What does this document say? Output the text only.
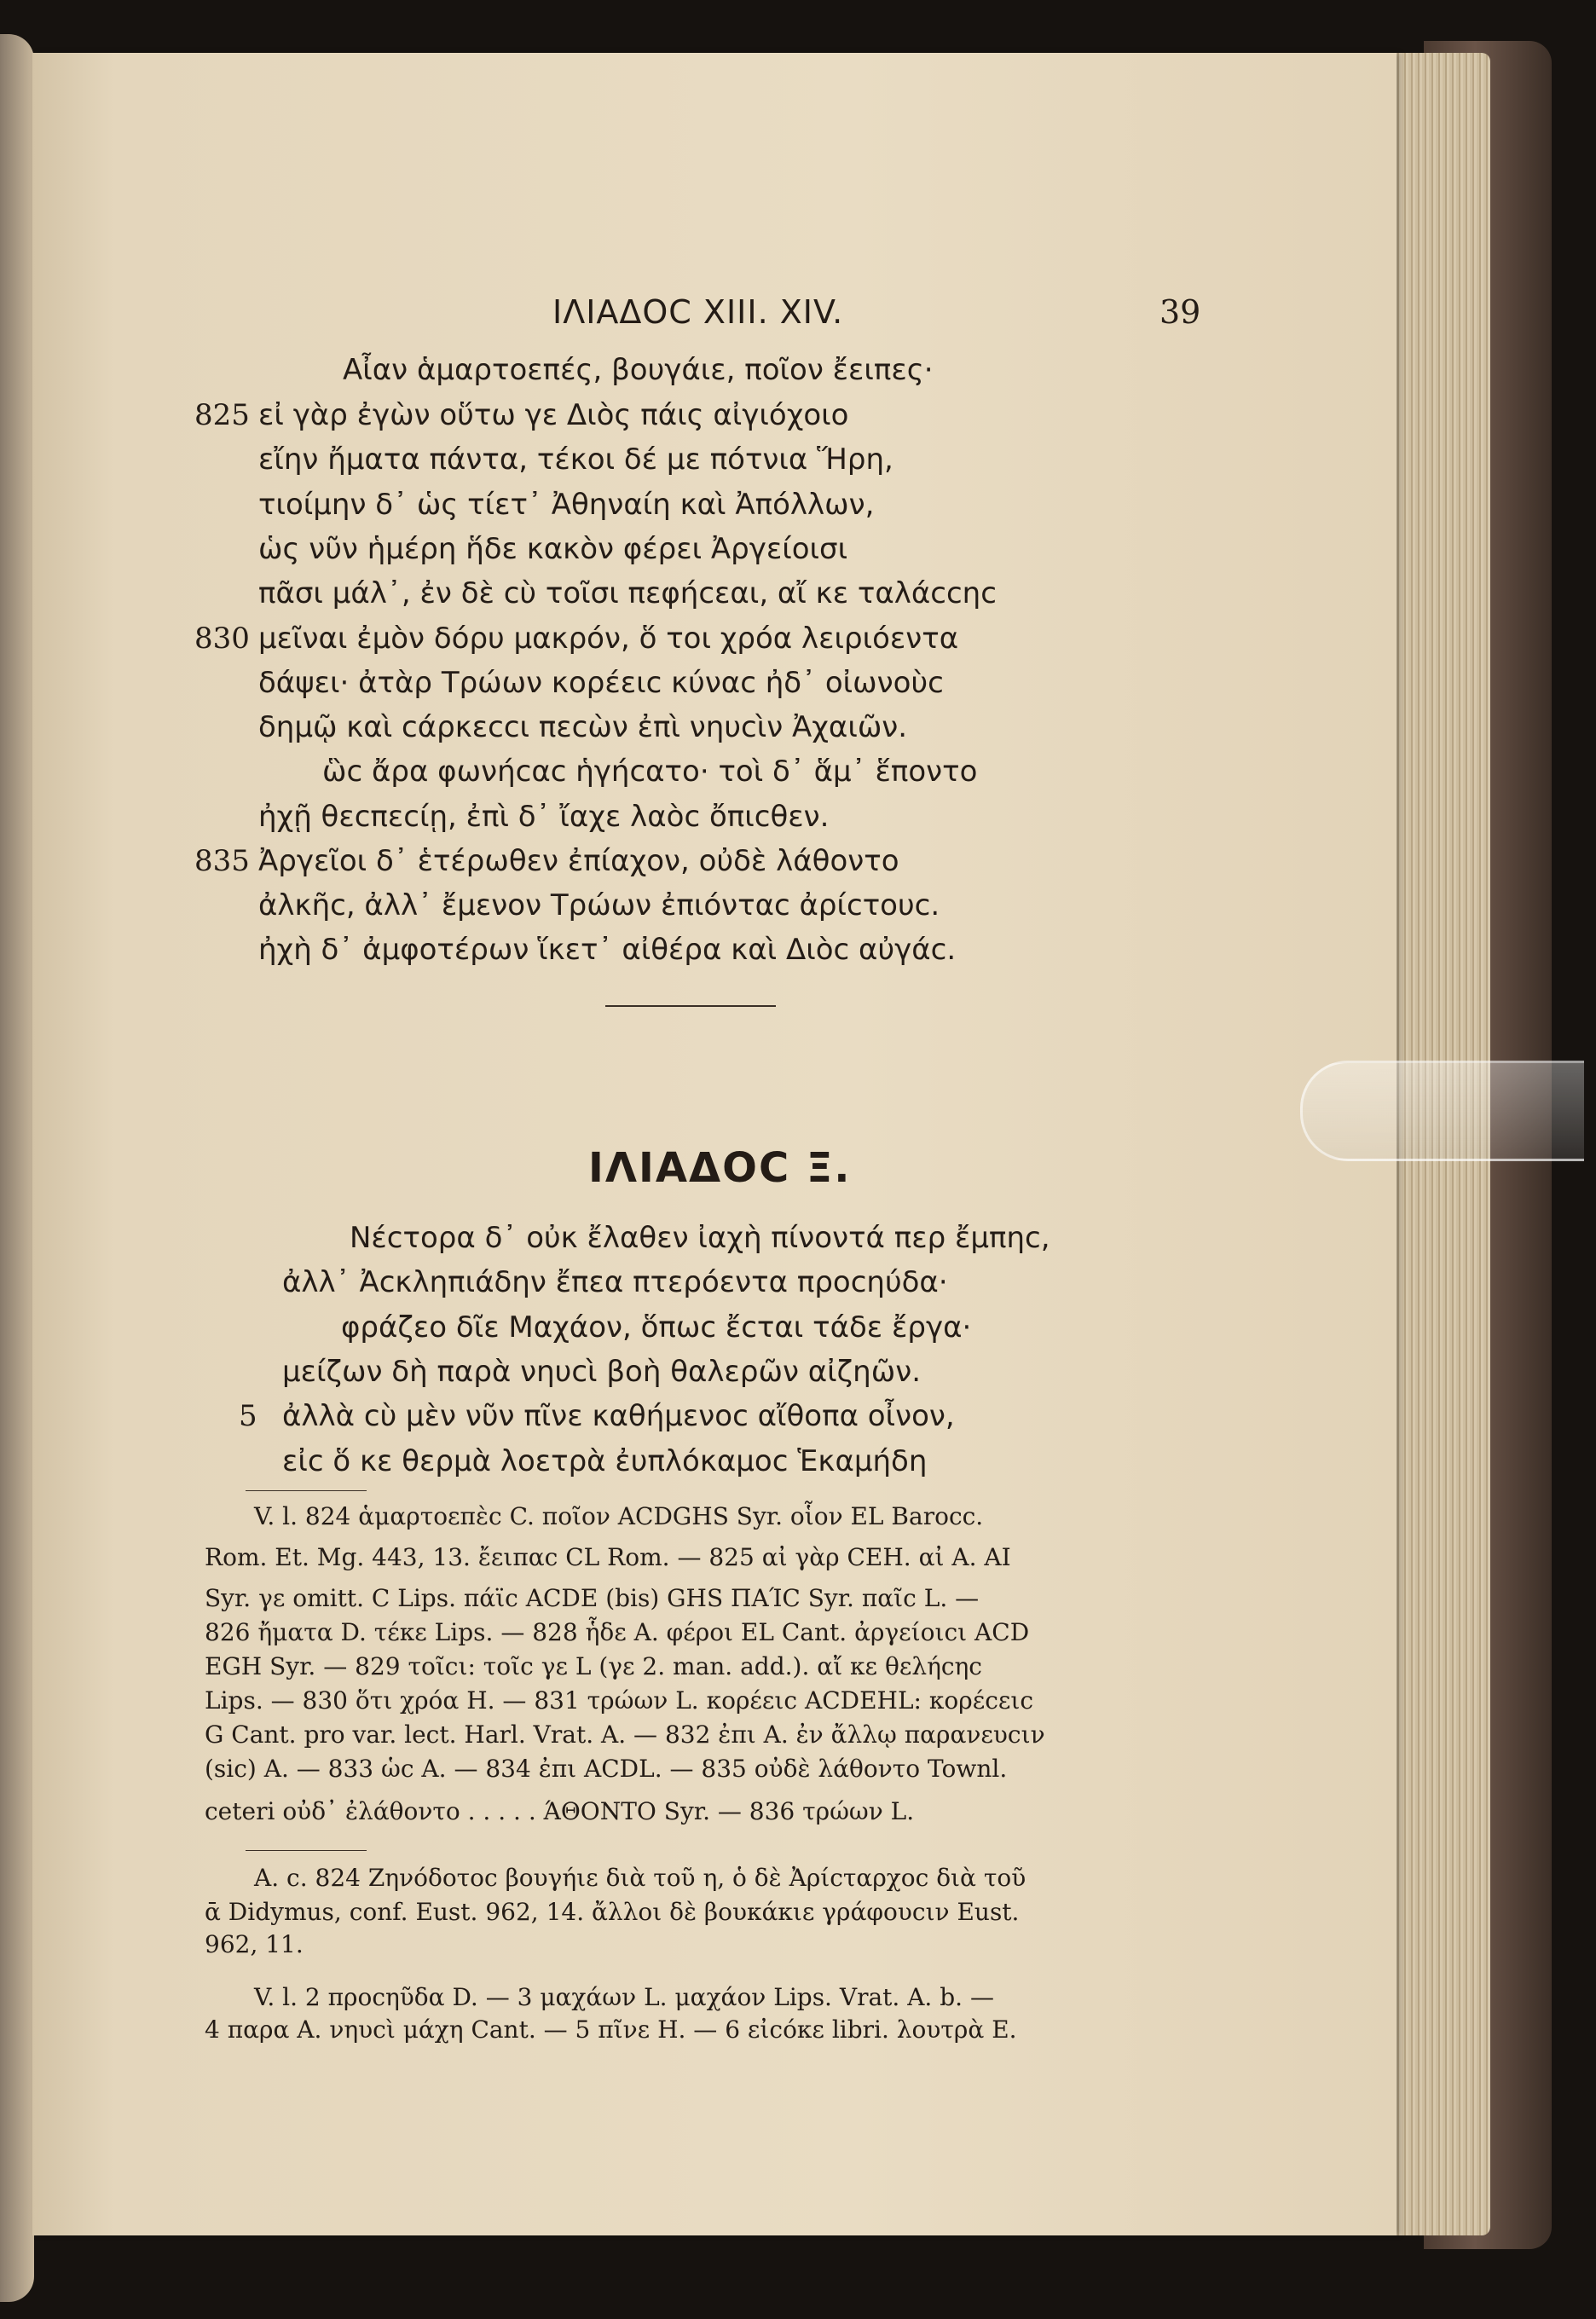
ΙΛΙΑΔΟC XIII. XIV.	39
Αἶαν ἁμαρτοεπές, βουγάιε, ποῖον ἔειπες·
825 εἰ γὰρ ἐγὼν οὕτω γε Διὸς πάις αἰγιόχοιο
εἴην ἤματα πάντα, τέκοι δέ με πότνια Ἥρη,
τιοίμην δ᾽ ὡς τίετ᾽ Ἀθηναίη καὶ Ἀπόλλων,
ὡς νῦν ἡμέρη ἥδε κακὸν φέρει Ἀργείοισι
πᾶσι μάλ᾽, ἐν δὲ cὺ τοῖσι πεφήcεαι, αἴ κε ταλάccηc
830 μεῖναι ἐμὸν δόρυ μακρόν, ὅ τοι χρόα λειριόεντα
δάψει· ἀτὰρ Τρώων κορέειc κύναc ἠδ᾽ οἰωνοὺc
δημῷ καὶ cάρκεccι πεcὼν ἐπὶ νηυcὶν Ἀχαιῶν.
ὣc ἄρα φωνήcαc ἡγήcατο· τοὶ δ᾽ ἅμ᾽ ἕποντο
ἠχῇ θεcπεcίῃ, ἐπὶ δ᾽ ἴαχε λαὸc ὄπιcθεν.
835 Ἀργεῖοι δ᾽ ἑτέρωθεν ἐπίαχον, οὐδὲ λάθοντο
ἀλκῆc, ἀλλ᾽ ἔμενον Τρώων ἐπιόνταc ἀρίcτουc.
ἠχὴ δ᾽ ἀμφοτέρων ἵκετ᾽ αἰθέρα καὶ Διὸc αὐγάc.
ΙΛΙΑΔΟC Ξ.
Νέcτορα δ᾽ οὐκ ἔλαθεν ἰαχὴ πίνοντά περ ἔμπηc,
ἀλλ᾽ Ἀcκληπιάδην ἔπεα πτερόεντα προcηύδα·
φράζεο δῖε Μαχάον, ὅπωc ἔcται τάδε ἔργα·
μείζων δὴ παρὰ νηυcὶ βοὴ θαλερῶν αἰζηῶν.
5 ἀλλὰ cὺ μὲν νῦν πῖνε καθήμενοc αἴθοπα οἶνον,
εἰc ὅ κε θερμὰ λοετρὰ ἐυπλόκαμοc Ἑκαμήδη
V. l. 824 ἁμαρτοεπὲc C. ποῖον ACDGHS Syr. οἷον EL Barocc.
Rom. Et. Mg. 443, 13. ἔειπαc CL Rom. — 825 αἰ γὰρ CEH. αἰ A. AI
Syr. γε omitt. C Lips. πάϊc ACDE (bis) GHS ΠΑΊC Syr. παῖc L. —
826 ἤματα D. τέκε Lips. — 828 ἧδε A. φέροι EL Cant. ἀργείοιcι ACD
EGH Syr. — 829 τοῖcι: τοῖc γε L (γε 2. man. add.). αἴ κε θελήcηc
Lips. — 830 ὅτι χρόα H. — 831 τρώων L. κορέειc ACDEHL: κορέcειc
G Cant. pro var. lect. Harl. Vrat. A. — 832 ἐπι A. ἐν ἄλλῳ παρανευcιν
(sic) A. — 833 ὡc A. — 834 ἐπι ACDL. — 835 οὐδὲ λάθοντο Townl.
ceteri οὐδ᾽ ἐλάθοντο . . . . . ΆΘΟΝΤΟ Syr. — 836 τρώων L.
A. c. 824 Ζηνόδοτοc βουγήιε διὰ τοῦ η, ὁ δὲ Ἀρίcταρχοc διὰ τοῦ
ᾱ Didymus, conf. Eust. 962, 14. ἄλλοι δὲ βουκάκιε γράφουcιν Eust.
962, 11.
V. l. 2 προcηῦδα D. — 3 μαχάων L. μαχάον Lips. Vrat. A. b. —
4 παρα A. νηυcὶ μάχη Cant. — 5 πῖνε H. — 6 εἰcόκε libri. λουτρὰ E.
